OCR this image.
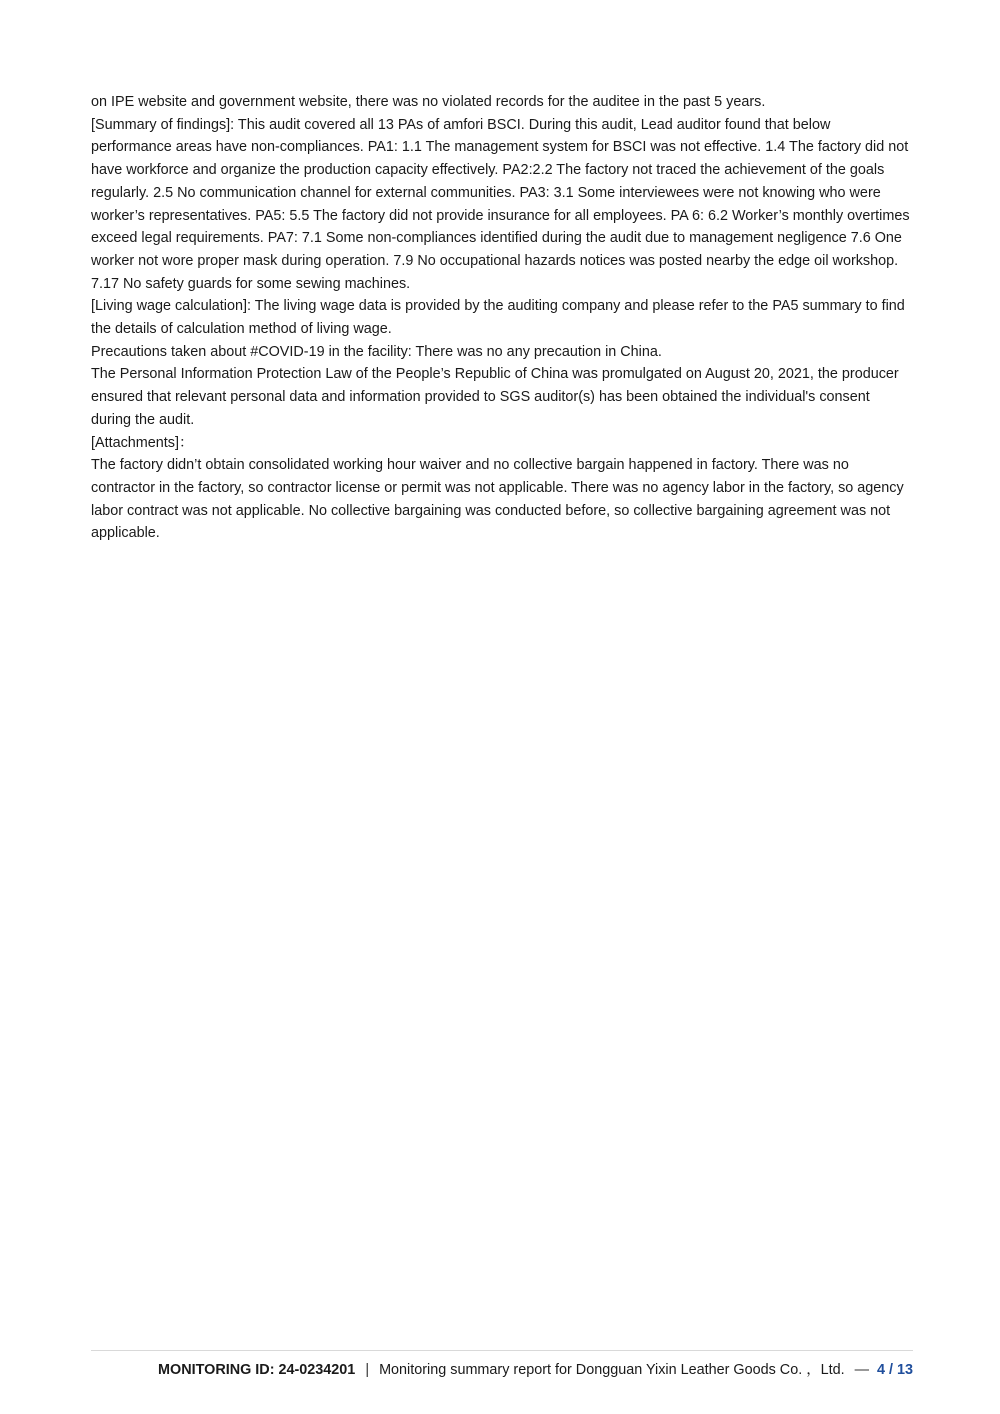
on IPE website and government website, there was no violated records for the auditee in the past 5 years.

[Summary of findings]: This audit covered all 13 PAs of amfori BSCI. During this audit, Lead auditor found that below performance areas have non-compliances. PA1: 1.1 The management system for BSCI was not effective. 1.4 The factory did not have workforce and organize the production capacity effectively. PA2:2.2 The factory not traced the achievement of the goals regularly. 2.5 No communication channel for external communities. PA3: 3.1 Some interviewees were not knowing who were worker’s representatives. PA5: 5.5 The factory did not provide insurance for all employees. PA 6: 6.2 Worker’s monthly overtimes exceed legal requirements. PA7: 7.1 Some non-compliances identified during the audit due to management negligence 7.6 One worker not wore proper mask during operation. 7.9 No occupational hazards notices was posted nearby the edge oil workshop. 7.17 No safety guards for some sewing machines.

[Living wage calculation]: The living wage data is provided by the auditing company and please refer to the PA5 summary to find the details of calculation method of living wage.

Precautions taken about #COVID-19 in the facility: There was no any precaution in China.

The Personal Information Protection Law of the People’s Republic of China was promulgated on August 20, 2021, the producer ensured that relevant personal data and information provided to SGS auditor(s) has been obtained the individual's consent during the audit.

[Attachments]：

The factory didn’t obtain consolidated working hour waiver and no collective bargain happened in factory. There was no contractor in the factory, so contractor license or permit was not applicable. There was no agency labor in the factory, so agency labor contract was not applicable. No collective bargaining was conducted before, so collective bargaining agreement was not applicable.

MONITORING ID: 24-0234201 | Monitoring summary report for Dongguan Yixin Leather Goods Co. ，Ltd. — 4 / 13
